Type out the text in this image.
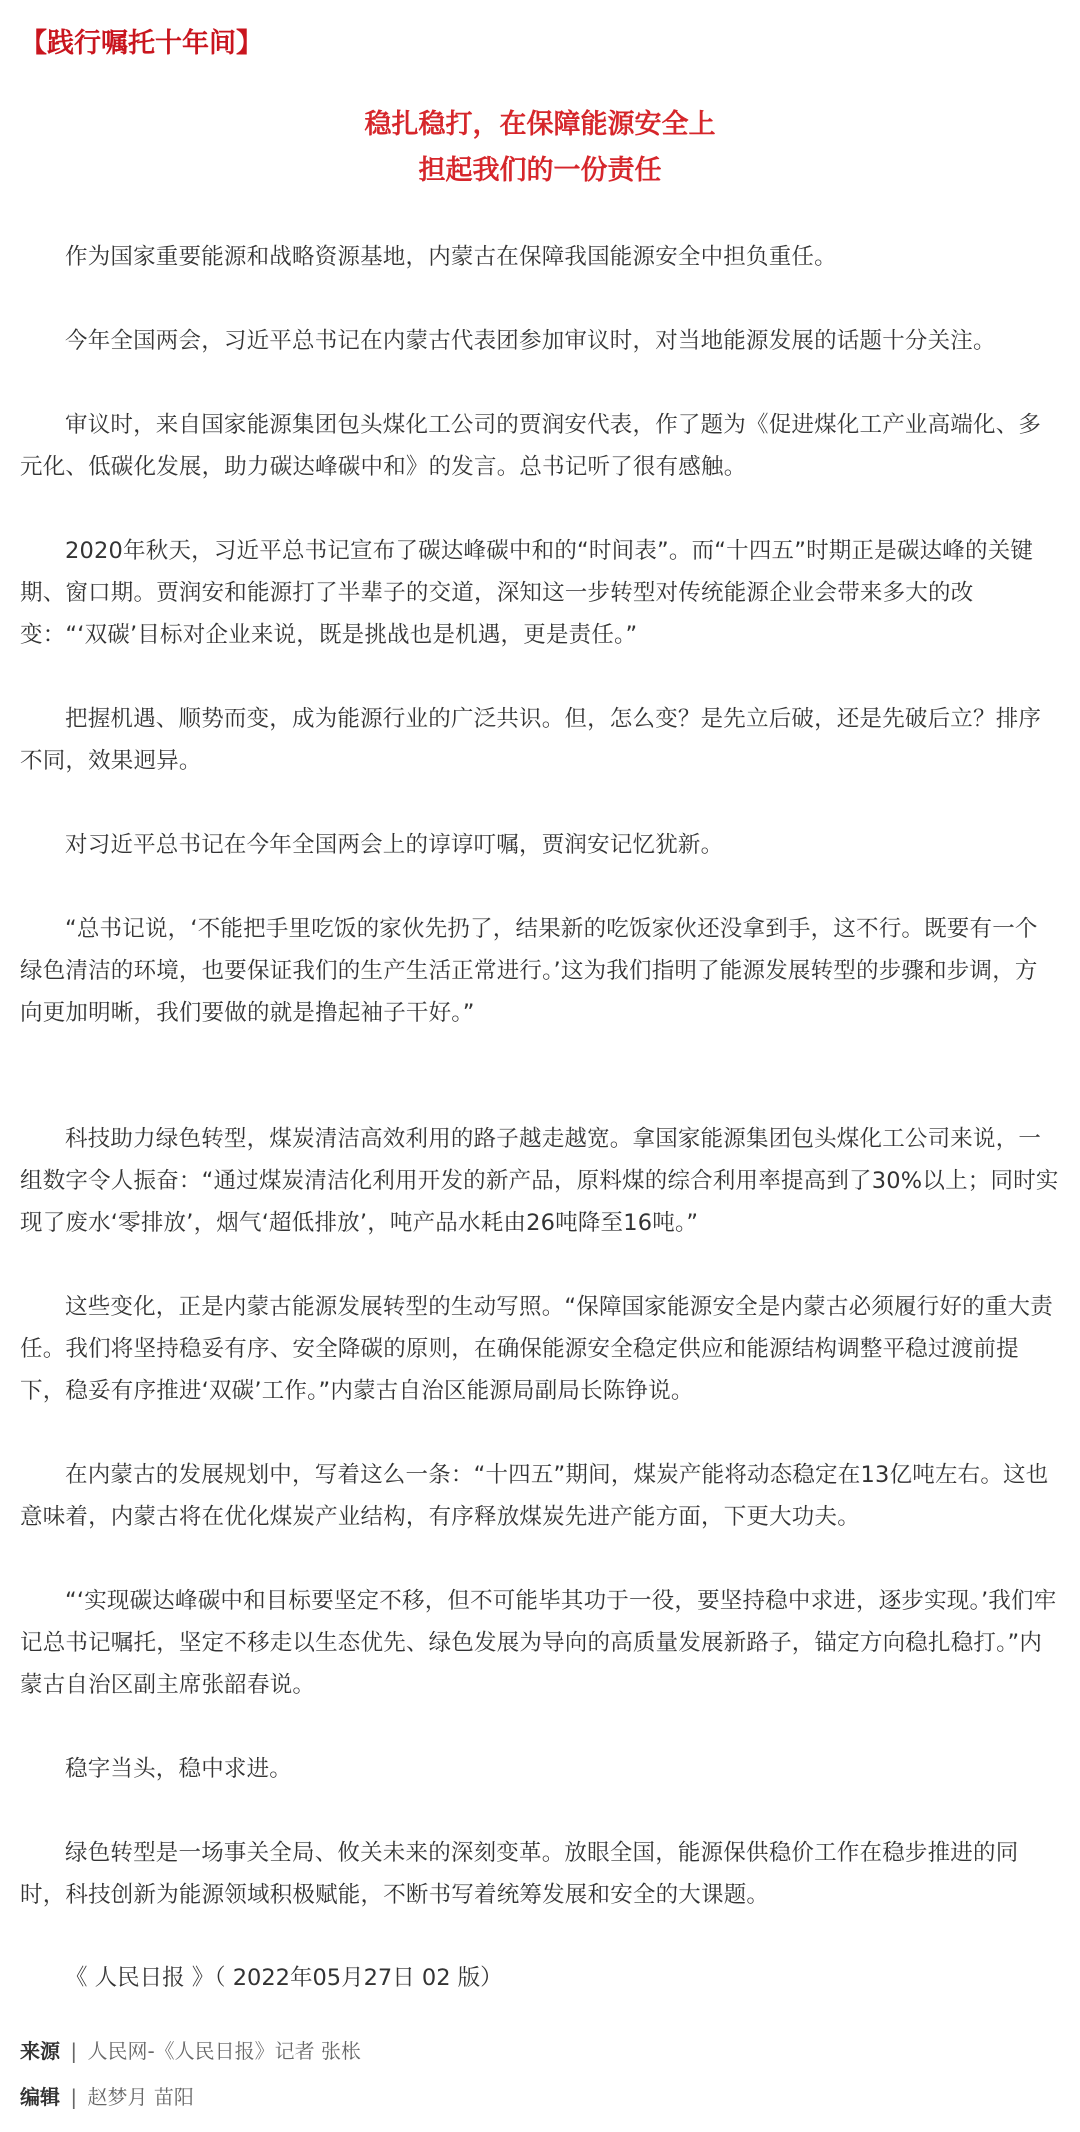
【践行嘱托十年间】
稳扎稳打，在保障能源安全上
担起我们的一份责任

作为国家重要能源和战略资源基地，内蒙古在保障我国能源安全中担负重任。

今年全国两会，习近平总书记在内蒙古代表团参加审议时，对当地能源发展的话题十分关注。

审议时，来自国家能源集团包头煤化工公司的贾润安代表，作了题为《促进煤化工产业高端化、多元化、低碳化发展，助力碳达峰碳中和》的发言。总书记听了很有感触。

2020年秋天，习近平总书记宣布了碳达峰碳中和的“时间表”。而“十四五”时期正是碳达峰的关键期、窗口期。贾润安和能源打了半辈子的交道，深知这一步转型对传统能源企业会带来多大的改变：“‘双碳’目标对企业来说，既是挑战也是机遇，更是责任。”

把握机遇、顺势而变，成为能源行业的广泛共识。但，怎么变？是先立后破，还是先破后立？排序不同，效果迥异。

对习近平总书记在今年全国两会上的谆谆叮嘱，贾润安记忆犹新。

“总书记说，‘不能把手里吃饭的家伙先扔了，结果新的吃饭家伙还没拿到手，这不行。既要有一个绿色清洁的环境，也要保证我们的生产生活正常进行。’这为我们指明了能源发展转型的步骤和步调，方向更加明晰，我们要做的就是撸起袖子干好。”

科技助力绿色转型，煤炭清洁高效利用的路子越走越宽。拿国家能源集团包头煤化工公司来说，一组数字令人振奋：“通过煤炭清洁化利用开发的新产品，原料煤的综合利用率提高到了30%以上；同时实现了废水‘零排放’，烟气‘超低排放’，吨产品水耗由26吨降至16吨。”

这些变化，正是内蒙古能源发展转型的生动写照。“保障国家能源安全是内蒙古必须履行好的重大责任。我们将坚持稳妥有序、安全降碳的原则，在确保能源安全稳定供应和能源结构调整平稳过渡前提下，稳妥有序推进‘双碳’工作。”内蒙古自治区能源局副局长陈铮说。

在内蒙古的发展规划中，写着这么一条：“十四五”期间，煤炭产能将动态稳定在13亿吨左右。这也意味着，内蒙古将在优化煤炭产业结构，有序释放煤炭先进产能方面，下更大功夫。

“‘实现碳达峰碳中和目标要坚定不移，但不可能毕其功于一役，要坚持稳中求进，逐步实现。’我们牢记总书记嘱托，坚定不移走以生态优先、绿色发展为导向的高质量发展新路子，锚定方向稳扎稳打。”内蒙古自治区副主席张韶春说。

稳字当头，稳中求进。

绿色转型是一场事关全局、攸关未来的深刻变革。放眼全国，能源保供稳价工作在稳步推进的同时，科技创新为能源领域积极赋能，不断书写着统筹发展和安全的大课题。

《 人民日报 》（ 2022年05月27日 02 版）
来源 | 人民网-《人民日报》记者 张枨
编辑 | 赵梦月 苗阳
